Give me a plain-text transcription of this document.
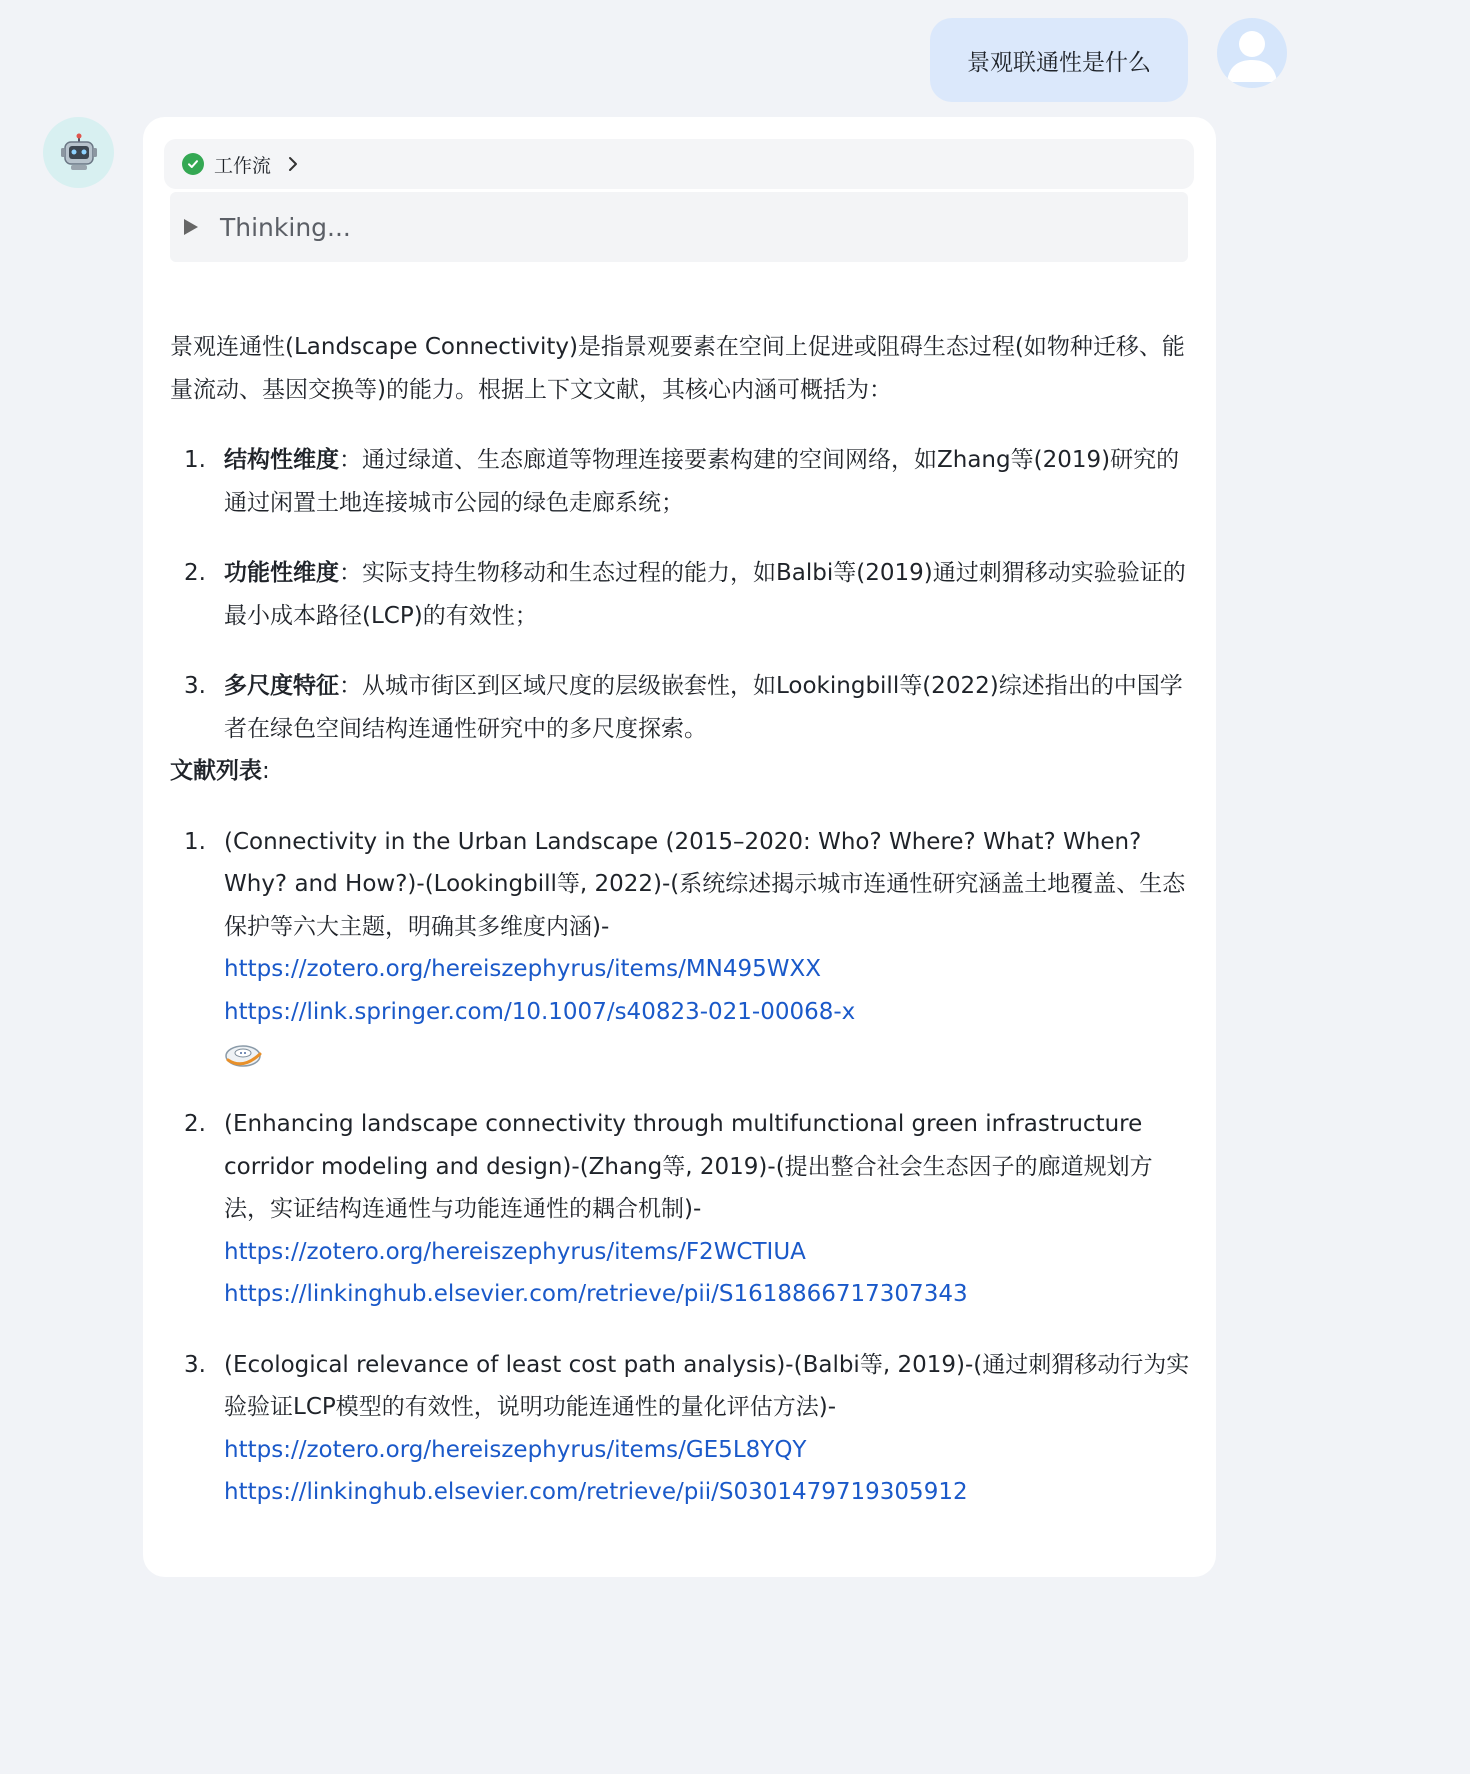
景观联通性是什么
工作流
Thinking...

景观连通性(Landscape Connectivity)是指景观要素在空间上促进或阻碍生态过程(如物种迁移、能量流动、基因交换等)的能力。根据上下文文献，其核心内涵可概括为：

1. 结构性维度：通过绿道、生态廊道等物理连接要素构建的空间网络，如Zhang等(2019)研究的通过闲置土地连接城市公园的绿色走廊系统；
2. 功能性维度：实际支持生物移动和生态过程的能力，如Balbi等(2019)通过刺猬移动实验验证的最小成本路径(LCP)的有效性；
3. 多尺度特征：从城市街区到区域尺度的层级嵌套性，如Lookingbill等(2022)综述指出的中国学者在绿色空间结构连通性研究中的多尺度探索。

文献列表:

1. (Connectivity in the Urban Landscape (2015–2020: Who? Where? What? When? Why? and How?)-(Lookingbill等, 2022)-(系统综述揭示城市连通性研究涵盖土地覆盖、生态保护等六大主题，明确其多维度内涵)-
https://zotero.org/hereiszephyrus/items/MN495WXX
https://link.springer.com/10.1007/s40823-021-00068-x
2. (Enhancing landscape connectivity through multifunctional green infrastructure corridor modeling and design)-(Zhang等, 2019)-(提出整合社会生态因子的廊道规划方法，实证结构连通性与功能连通性的耦合机制)-
https://zotero.org/hereiszephyrus/items/F2WCTIUA
https://linkinghub.elsevier.com/retrieve/pii/S1618866717307343
3. (Ecological relevance of least cost path analysis)-(Balbi等, 2019)-(通过刺猬移动行为实验验证LCP模型的有效性，说明功能连通性的量化评估方法)-
https://zotero.org/hereiszephyrus/items/GE5L8YQY
https://linkinghub.elsevier.com/retrieve/pii/S0301479719305912
